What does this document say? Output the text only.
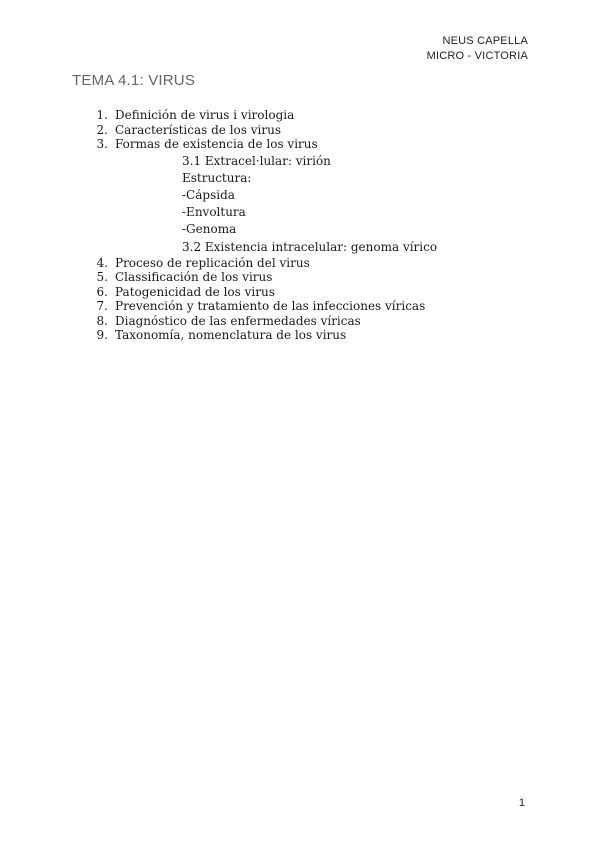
NEUS CAPELLA
MICRO - VICTORIA
TEMA 4.1: VIRUS
1. Definición de virus i virologia
2. Características de los virus
3. Formas de existencia de los virus
3.1 Extracel·lular: virión
Estructura:
-Cápsida
-Envoltura
-Genoma
3.2 Existencia intracelular: genoma vírico
4. Proceso de replicación del virus
5. Classificación de los virus
6. Patogenicidad de los virus
7. Prevención y tratamiento de las infecciones víricas
8. Diagnóstico de las enfermedades víricas
9. Taxonomía, nomenclatura de los virus
1
